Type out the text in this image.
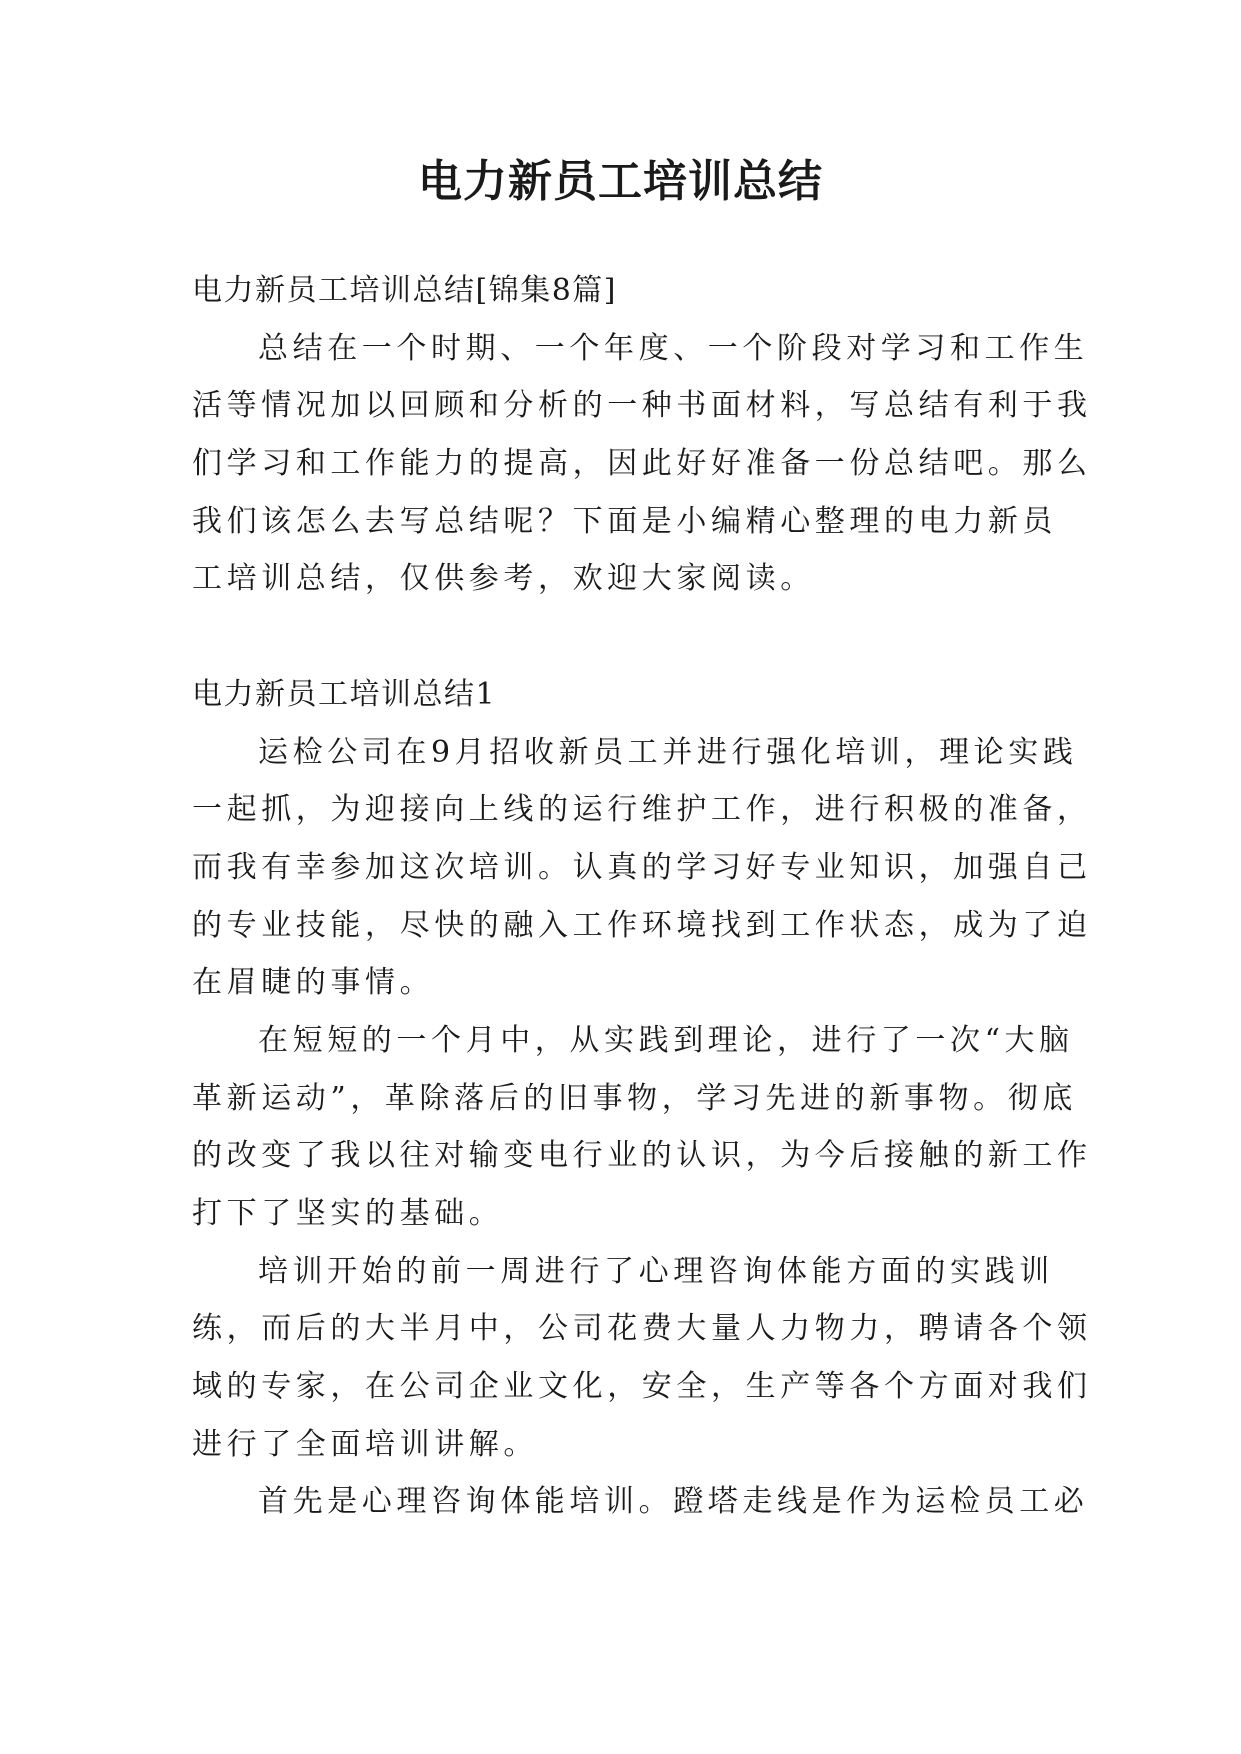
电力新员工培训总结
电力新员工培训总结[锦集8篇]
总结在一个时期、一个年度、一个阶段对学习和工作生
活等情况加以回顾和分析的一种书面材料，写总结有利于我
们学习和工作能力的提高，因此好好准备一份总结吧。那么
我们该怎么去写总结呢？下面是小编精心整理的电力新员
工培训总结，仅供参考，欢迎大家阅读。
电力新员工培训总结1
运检公司在9月招收新员工并进行强化培训，理论实践
一起抓，为迎接向上线的运行维护工作，进行积极的准备，
而我有幸参加这次培训。认真的学习好专业知识，加强自己
的专业技能，尽快的融入工作环境找到工作状态，成为了迫
在眉睫的事情。
在短短的一个月中，从实践到理论，进行了一次“大脑
革新运动”，革除落后的旧事物，学习先进的新事物。彻底
的改变了我以往对输变电行业的认识，为今后接触的新工作
打下了坚实的基础。
培训开始的前一周进行了心理咨询体能方面的实践训
练，而后的大半月中，公司花费大量人力物力，聘请各个领
域的专家，在公司企业文化，安全，生产等各个方面对我们
进行了全面培训讲解。
首先是心理咨询体能培训。蹬塔走线是作为运检员工必
